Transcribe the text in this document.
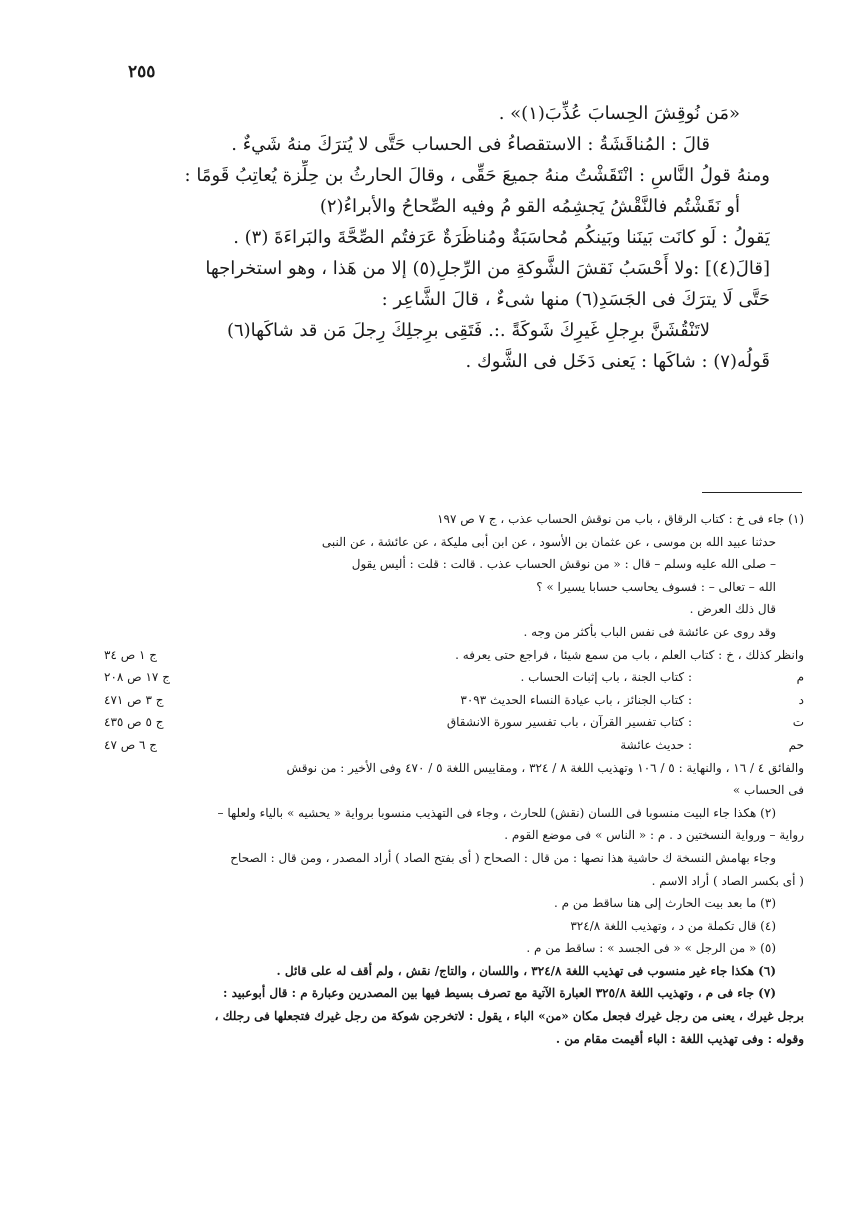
٢٥٥
«مَن نُوقِشَ الحِسابَ عُذِّبَ(١)» .
قالَ : المُناقَشَةُ : الاستقصاءُ فى الحساب حَتَّى لا يُترَكَ منهُ شَيءٌ .
ومنهُ قولُ النَّاسِ : انْتَقَشْتُ منهُ جميعَ حَقِّى ، وقالَ الحارثُ بن حِلِّزة يُعاتِبُ قَومًا :
أو نَقَشْتُم فالنَّقْشُ يَجشِمُه القو مُ وفيه الصِّحاحُ والأبراءُ(٢)
يَقولُ : لَو كانَت بَينَنا وبَينكُم مُحاسَبَةٌ ومُناظَرَةٌ عَرَفتُم الصِّحَّةَ والبَراءَةَ (٣) .
[قالَ(٤)] :ولا أَحْسَبُ نَقشَ الشَّوكةِ من الرِّجلِ(٥) إلا من هَذا ، وهو استخراجها
حَتَّى لَا يترَكَ فى الجَسَدِ(٦) منها شىءٌ ، قالَ الشَّاعِر :
لاتَنْقُشَنَّ برِجلِ غَيرِكَ شَوكَةً .:. فَتَقِى برِجلِكَ رِجلَ مَن قد شاكَها(٦)
قَولُه(٧) : شاكَها : يَعنى دَخَل فى الشَّوك .
(١) جاء فى خ : كتاب الرقاق ، باب من نوقش الحساب عذب ، ج ٧ ص ١٩٧
حدثنا عبيد الله بن موسى ، عن عثمان بن الأسود ، عن ابن أبى مليكة ، عن عائشة ، عن النبى
– صلى الله عليه وسلم – قال : « من نوقش الحساب عذب . قالت : قلت : أليس يقول
الله – تعالى – : فسوف يحاسب حسابا يسيرا » ؟
قال ذلك العرض .
وقد روى عن عائشة فى نفس الباب بأكثر من وجه .
وانظر كذلك ، خ
: كتاب العلم ، باب من سمع شيئا ، فراجع حتى يعرفه .
ج ١ ص ٣٤
م
: كتاب الجنة ، باب إثبات الحساب .
ج ١٧ ص ٢٠٨
د
: كتاب الجنائز ، باب عيادة النساء الحديث ٣٠٩٣
ج ٣ ص ٤٧١
ت
: كتاب تفسير القرآن ، باب تفسير سورة الانشقاق
ج ٥ ص ٤٣٥
حم
: حديث عائشة
ج ٦ ص ٤٧
والفائق ٤ / ١٦ ، والنهاية : ٥ / ١٠٦ وتهذيب اللغة ٨ / ٣٢٤ ، ومقاييس اللغة ٥ / ٤٧٠ وفى الأخير : من نوقش
فى الحساب »
(٢) هكذا جاء البيت منسوبا فى اللسان (نقش) للحارث ، وجاء فى التهذيب منسوبا برواية « يحشيه » بالياء ولعلها –
رواية – ورواية النسختين د . م : « الناس » فى موضع القوم .
وجاء بهامش النسخة ك حاشية هذا نصها : من قال : الصحاح ( أى بفتح الصاد ) أراد المصدر ، ومن قال : الصحاح
( أى بكسر الصاد ) أراد الاسم .
(٣) ما بعد بيت الحارث إلى هنا ساقط من م .
(٤) قال تكملة من د ، وتهذيب اللغة ٣٢٤/٨
(٥) « من الرجل » « فى الجسد » : ساقط من م .
(٦) هكذا جاء غير منسوب فى تهذيب اللغة ٣٢٤/٨ ، واللسان ، والتاج/ نقش ، ولم أقف له على قائل .
(٧) جاء فى م ، وتهذيب اللغة ٣٢٥/٨ العبارة الآتية مع تصرف بسيط فيها بين المصدرين وعبارة م : قال أبوعبيد :
برجل غيرك ، يعنى من رجل غيرك فجعل مكان «من» الباء ، يقول : لاتخرجن شوكة من رجل غيرك فتجعلها فى رجلك ،
وقوله : وفى تهذيب اللغة : الباء أقيمت مقام من .
